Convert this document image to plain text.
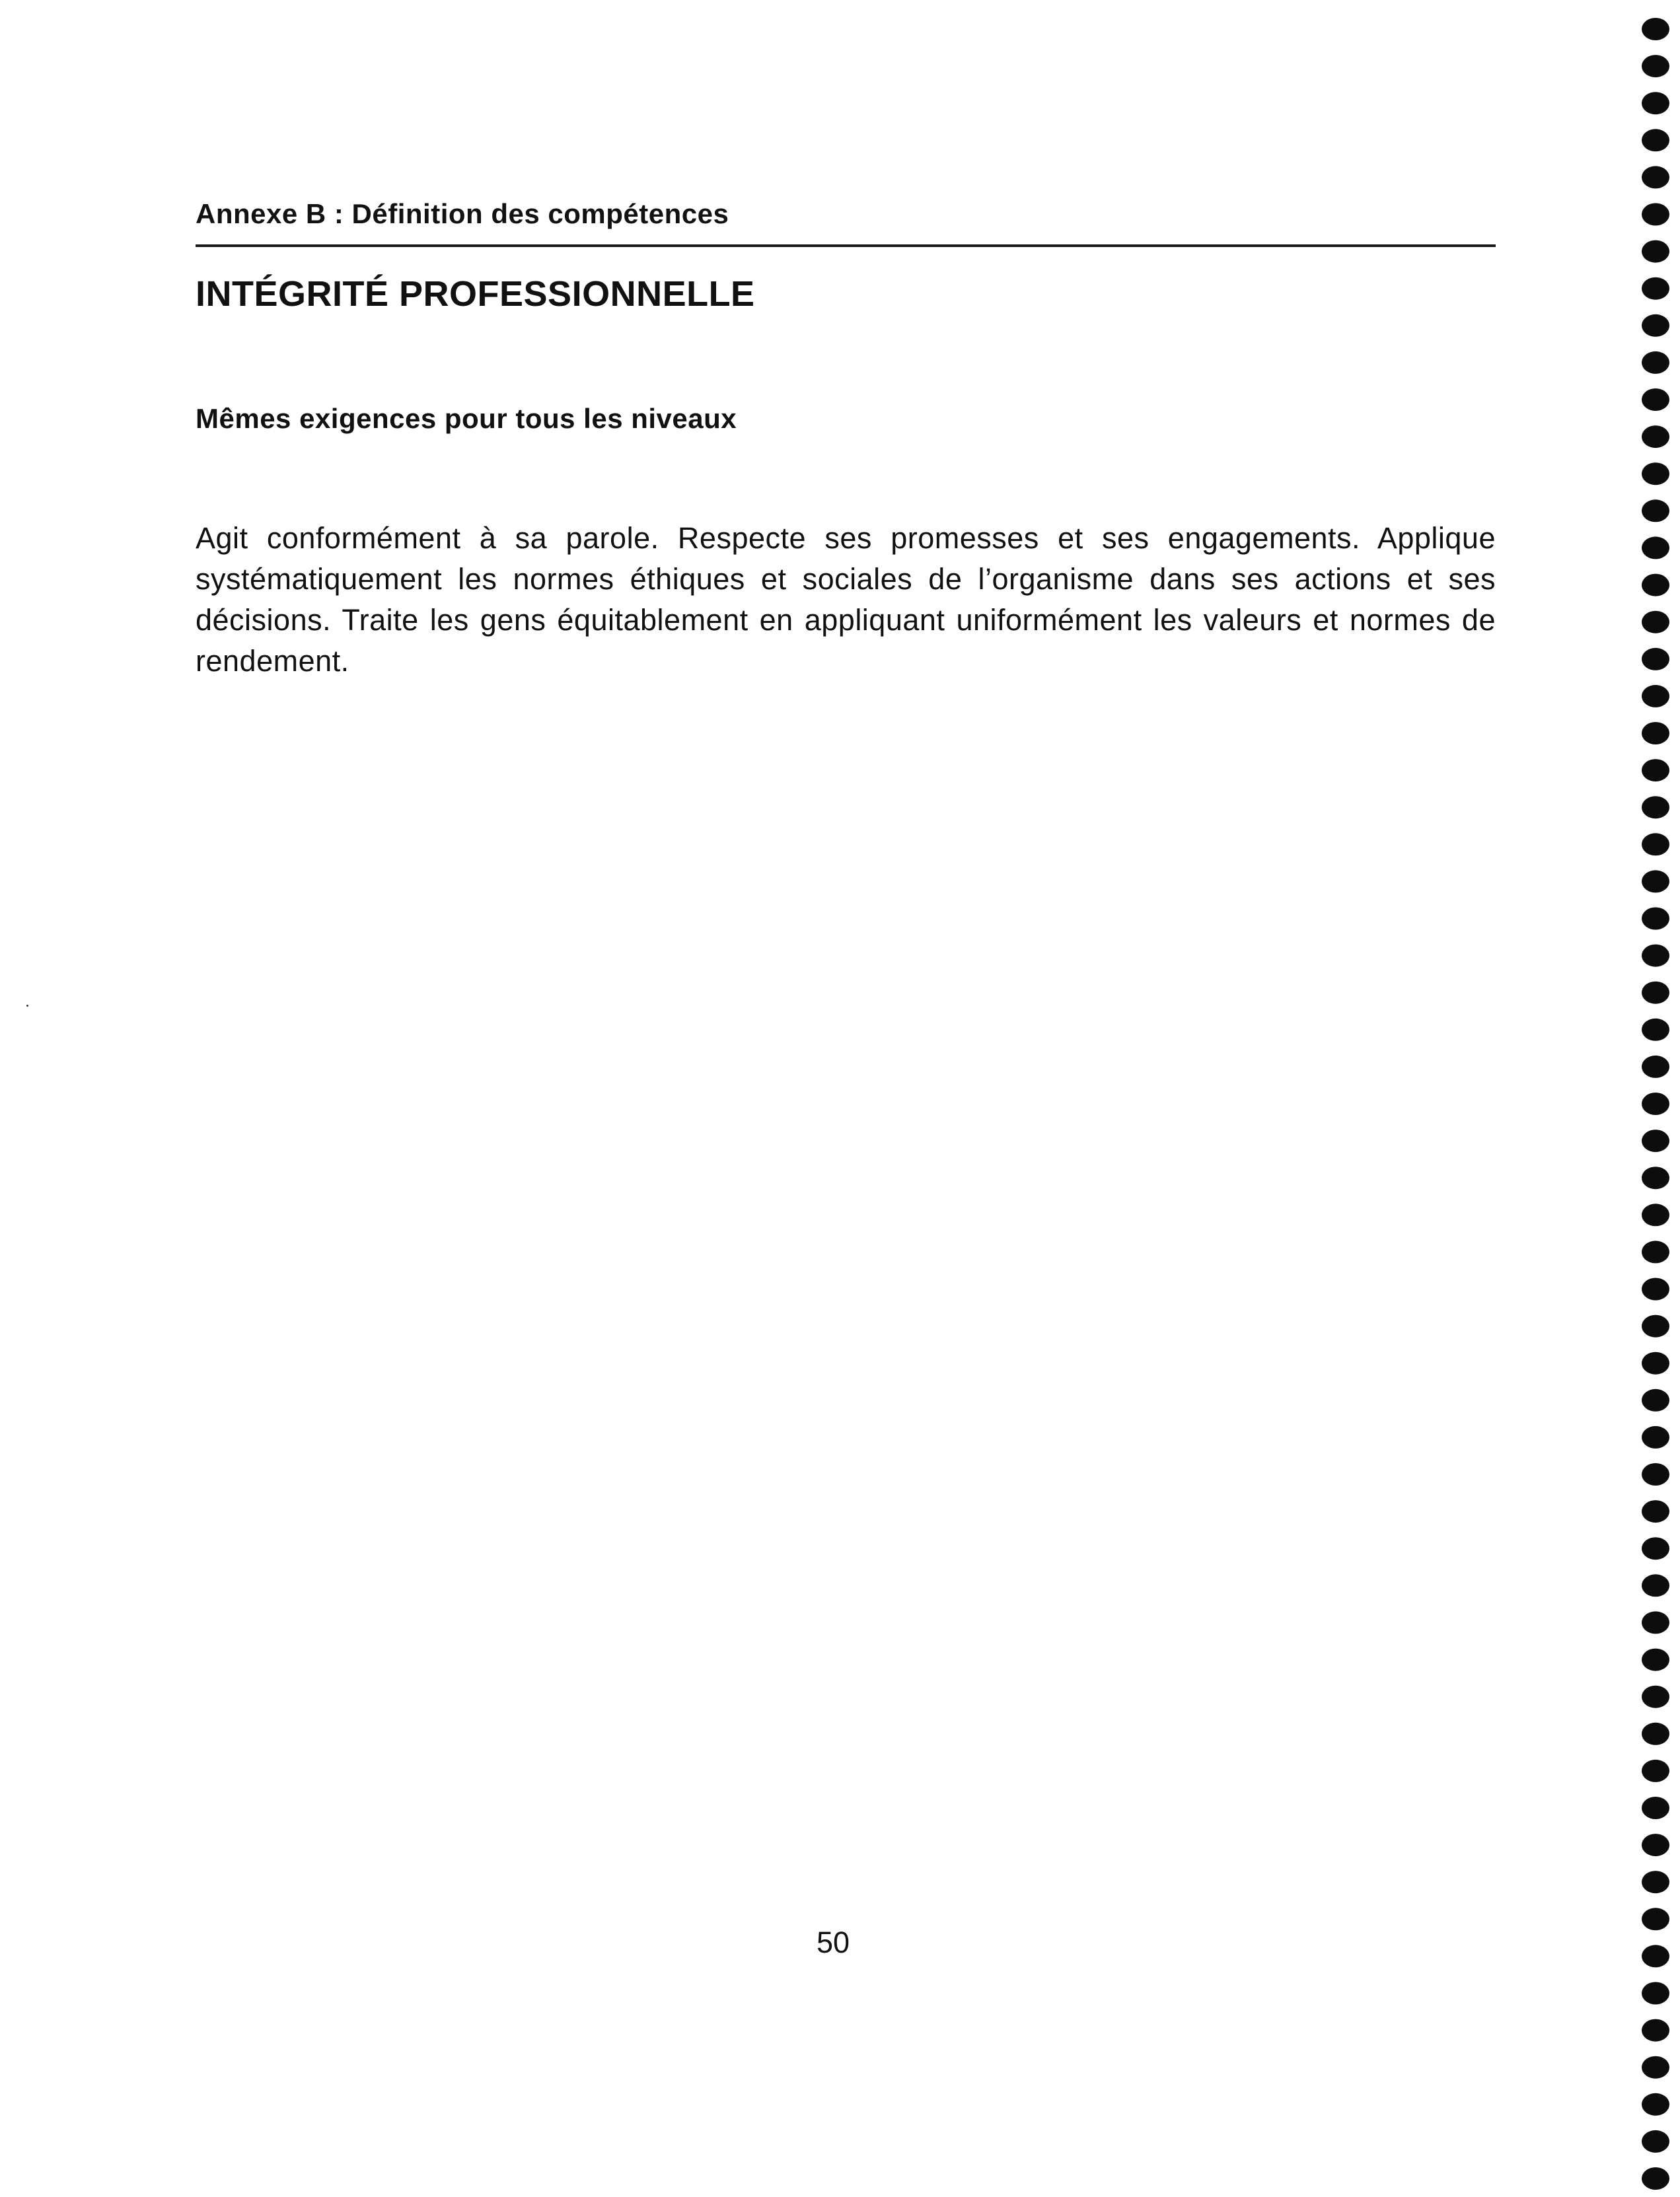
Annexe B : Définition des compétences
INTÉGRITÉ PROFESSIONNELLE
Mêmes exigences pour tous les niveaux

Agit conformément à sa parole. Respecte ses promesses et ses engagements. Applique systématiquement les normes éthiques et sociales de l’organisme dans ses actions et ses décisions. Traite les gens équitablement en appliquant uniformément les valeurs et normes de rendement.

50
